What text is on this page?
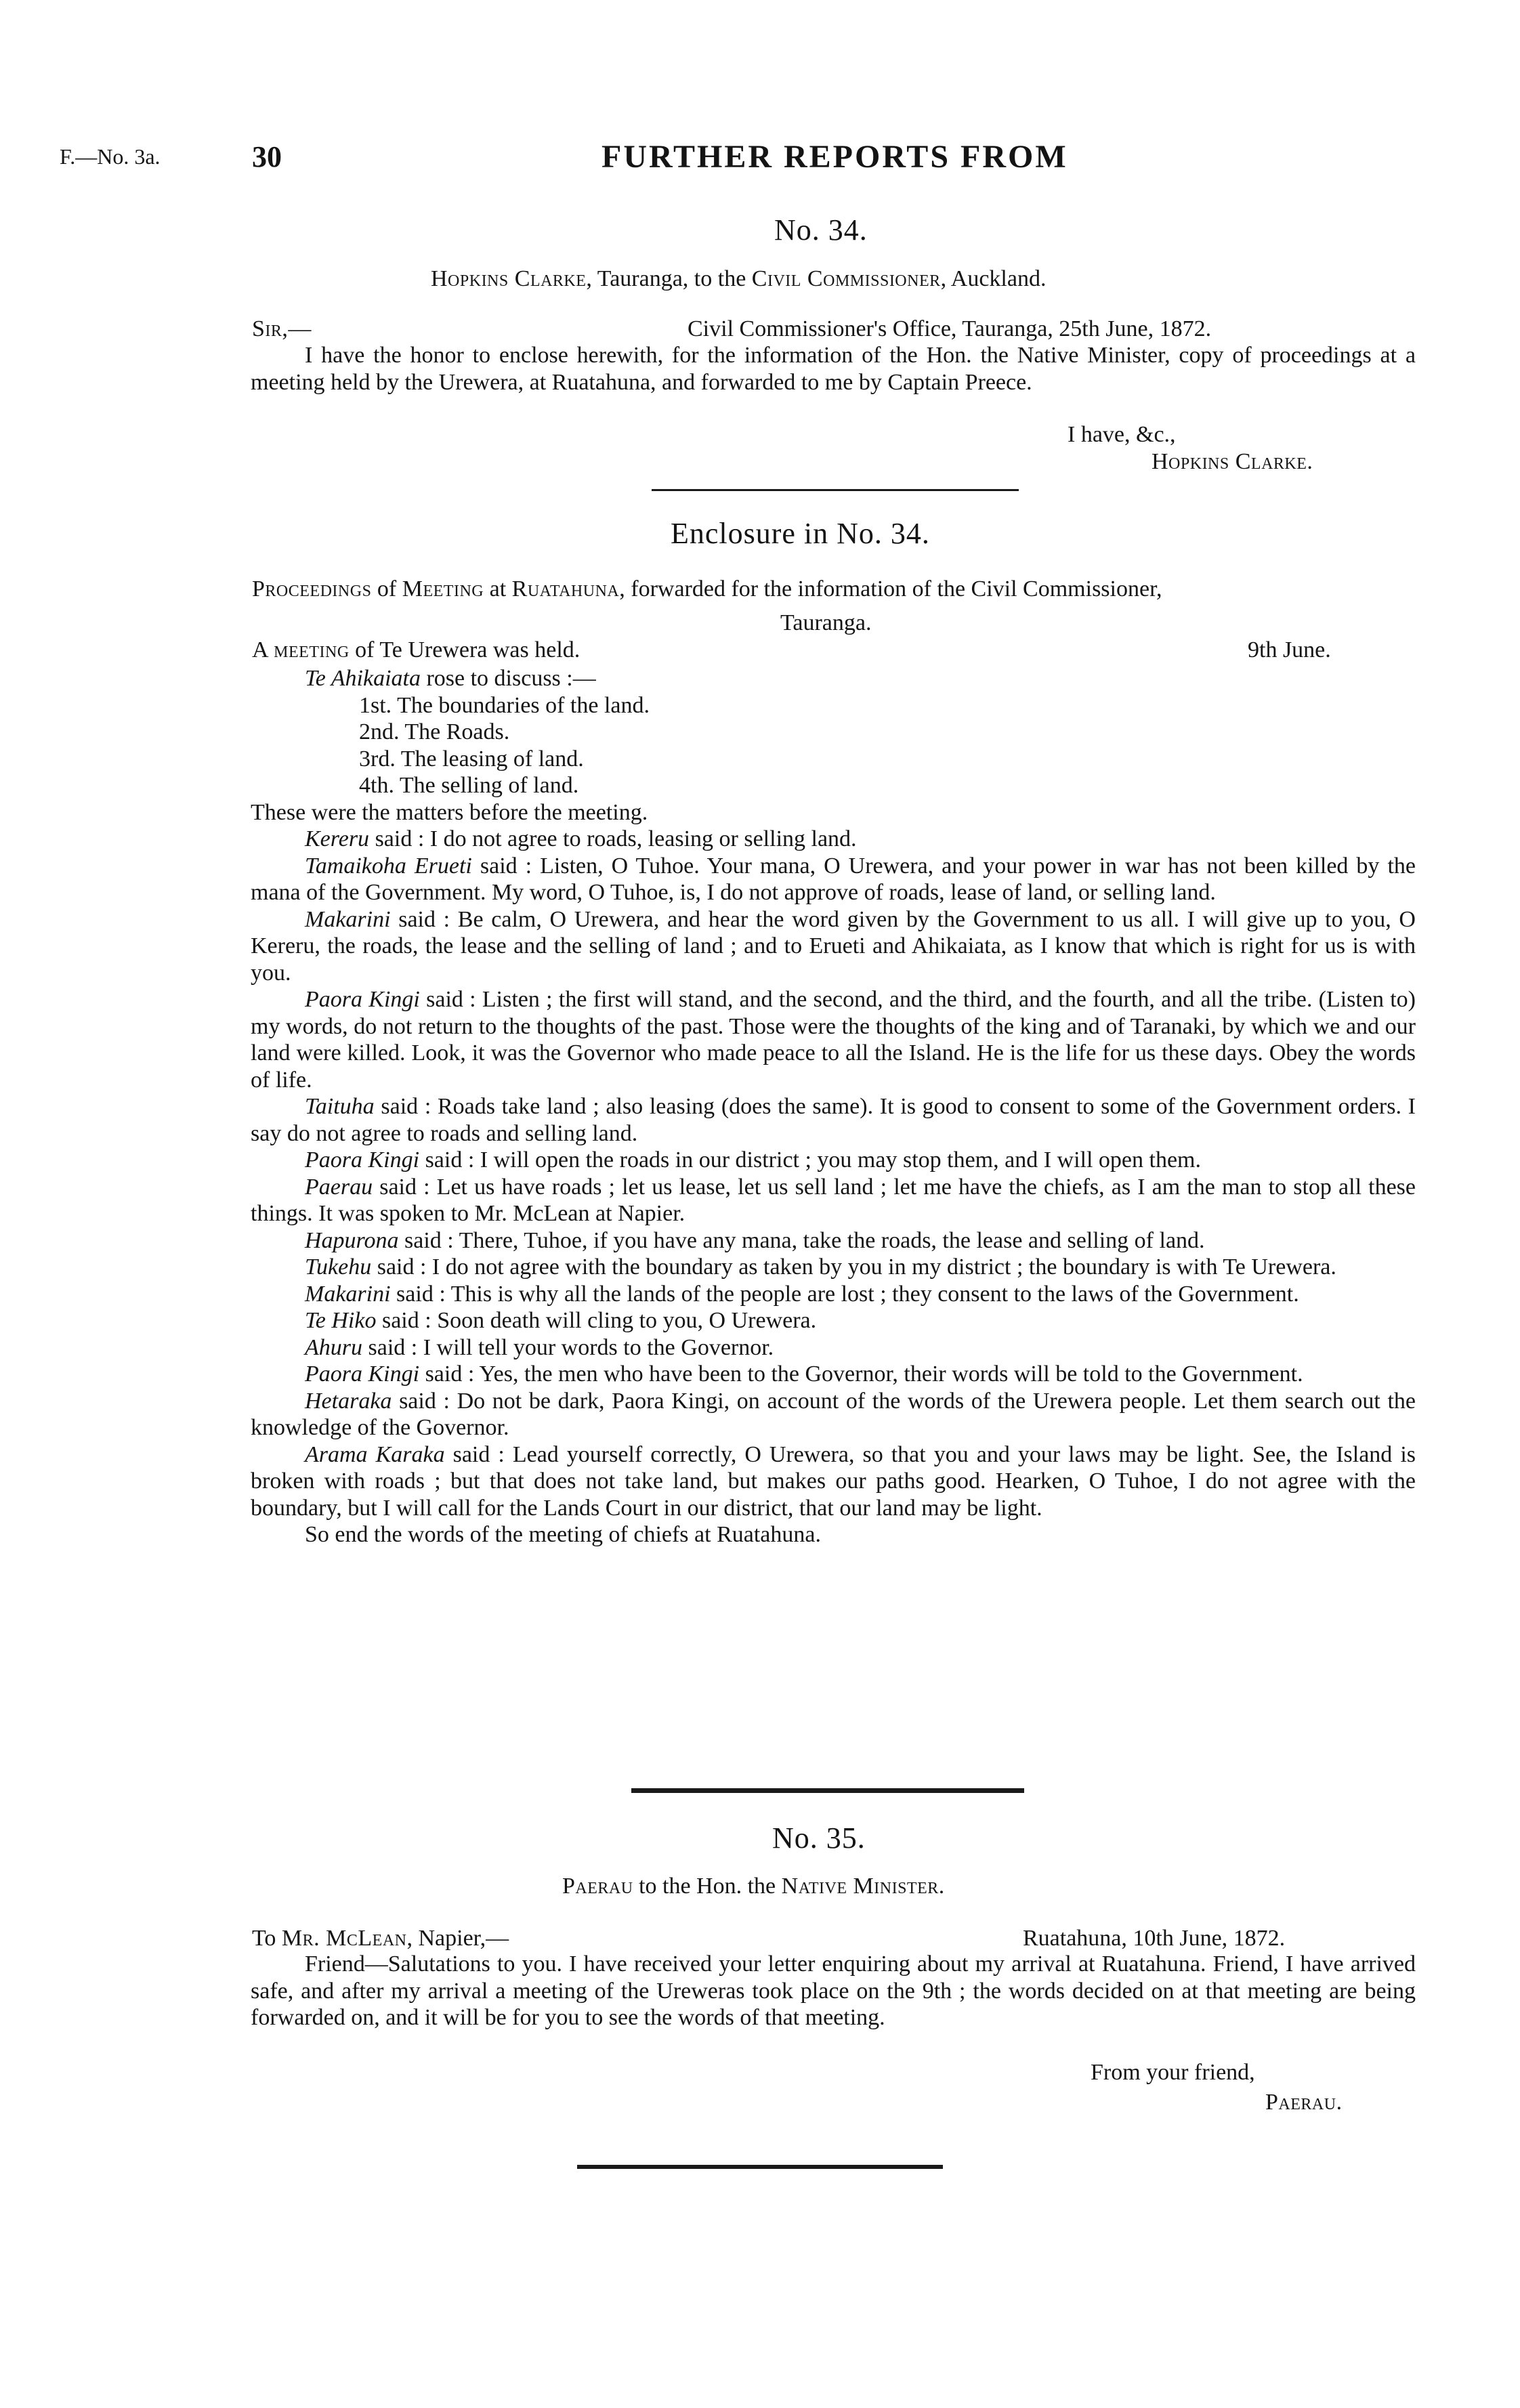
F.—No. 3a.	30	FURTHER REPORTS FROM
No. 34.
Hopkins Clarke, Tauranga, to the Civil Commissioner, Auckland.
Sir,—	Civil Commissioner's Office, Tauranga, 25th June, 1872.

I have the honor to enclose herewith, for the information of the Hon. the Native Minister, copy of proceedings at a meeting held by the Urewera, at Ruatahuna, and forwarded to me by Captain Preece.

I have, &c.,
Hopkins Clarke.
Enclosure in No. 34.
Proceedings of Meeting at Ruatahuna, forwarded for the information of the Civil Commissioner,
Tauranga.
A meeting of Te Urewera was held.	9th June.

Te Ahikaiata rose to discuss :—

1st. The boundaries of the land.

2nd. The Roads.

3rd. The leasing of land.

4th. The selling of land.

These were the matters before the meeting.

Kereru said : I do not agree to roads, leasing or selling land.

Tamaikoha Erueti said : Listen, O Tuhoe. Your mana, O Urewera, and your power in war has not been killed by the mana of the Government. My word, O Tuhoe, is, I do not approve of roads, lease of land, or selling land.

Makarini said : Be calm, O Urewera, and hear the word given by the Government to us all. I will give up to you, O Kereru, the roads, the lease and the selling of land ; and to Erueti and Ahikaiata, as I know that which is right for us is with you.

Paora Kingi said : Listen ; the first will stand, and the second, and the third, and the fourth, and all the tribe. (Listen to) my words, do not return to the thoughts of the past. Those were the thoughts of the king and of Taranaki, by which we and our land were killed. Look, it was the Governor who made peace to all the Island. He is the life for us these days. Obey the words of life.

Taituha said : Roads take land ; also leasing (does the same). It is good to consent to some of the Government orders. I say do not agree to roads and selling land.

Paora Kingi said : I will open the roads in our district ; you may stop them, and I will open them.

Paerau said : Let us have roads ; let us lease, let us sell land ; let me have the chiefs, as I am the man to stop all these things. It was spoken to Mr. McLean at Napier.

Hapurona said : There, Tuhoe, if you have any mana, take the roads, the lease and selling of land.

Tukehu said : I do not agree with the boundary as taken by you in my district ; the boundary is with Te Urewera.

Makarini said : This is why all the lands of the people are lost ; they consent to the laws of the Government.

Te Hiko said : Soon death will cling to you, O Urewera.

Ahuru said : I will tell your words to the Governor.

Paora Kingi said : Yes, the men who have been to the Governor, their words will be told to the Government.

Hetaraka said : Do not be dark, Paora Kingi, on account of the words of the Urewera people. Let them search out the knowledge of the Governor.

Arama Karaka said : Lead yourself correctly, O Urewera, so that you and your laws may be light. See, the Island is broken with roads ; but that does not take land, but makes our paths good. Hearken, O Tuhoe, I do not agree with the boundary, but I will call for the Lands Court in our district, that our land may be light.

So end the words of the meeting of chiefs at Ruatahuna.

No. 35.
Paerau to the Hon. the Native Minister.
To Mr. McLean, Napier,—	Ruatahuna, 10th June, 1872.

Friend—Salutations to you. I have received your letter enquiring about my arrival at Ruatahuna. Friend, I have arrived safe, and after my arrival a meeting of the Ureweras took place on the 9th ; the words decided on at that meeting are being forwarded on, and it will be for you to see the words of that meeting.

From your friend,
Paerau.
